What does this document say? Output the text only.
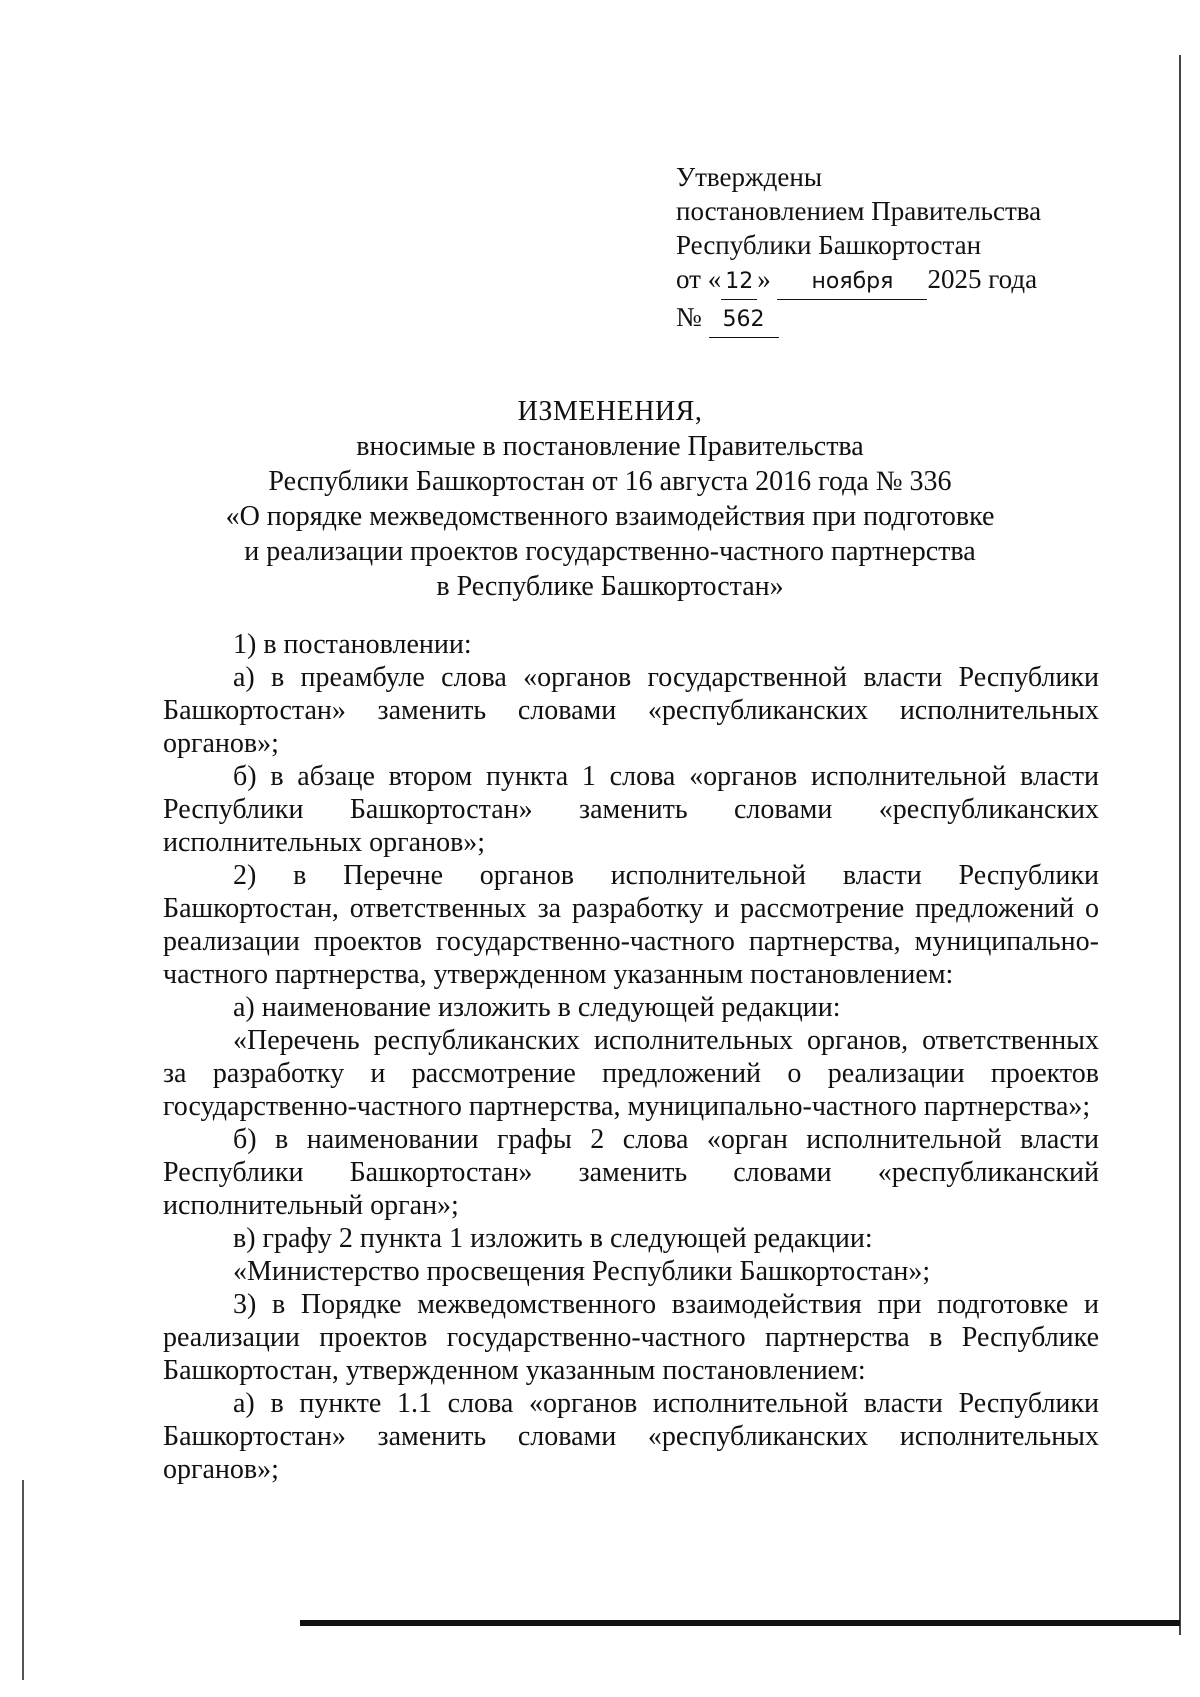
Утверждены
постановлением Правительства
Республики Башкортостан
от « 12 » ноября 2025 года
№ 562
ИЗМЕНЕНИЯ,
вносимые в постановление Правительства
Республики Башкортостан от 16 августа 2016 года № 336
«О порядке межведомственного взаимодействия при подготовке
и реализации проектов государственно-частного партнерства
в Республике Башкортостан»

1) в постановлении:

а) в преамбуле слова «органов государственной власти Республики Башкортостан» заменить словами «республиканских исполнительных органов»;

б) в абзаце втором пункта 1 слова «органов исполнительной власти Республики Башкортостан» заменить словами «республиканских исполнительных органов»;

2) в Перечне органов исполнительной власти Республики Башкортостан, ответственных за разработку и рассмотрение предложений о реализации проектов государственно-частного партнерства, муниципально-частного партнерства, утвержденном указанным постановлением:

а) наименование изложить в следующей редакции:

«Перечень республиканских исполнительных органов, ответственных за разработку и рассмотрение предложений о реализации проектов государственно-частного партнерства, муниципально-частного партнерства»;

б) в наименовании графы 2 слова «орган исполнительной власти Республики Башкортостан» заменить словами «республиканский исполнительный орган»;

в) графу 2 пункта 1 изложить в следующей редакции:

«Министерство просвещения Республики Башкортостан»;

3) в Порядке межведомственного взаимодействия при подготовке и реализации проектов государственно-частного партнерства в Республике Башкортостан, утвержденном указанным постановлением:

а) в пункте 1.1 слова «органов исполнительной власти Республики Башкортостан» заменить словами «республиканских исполнительных органов»;
